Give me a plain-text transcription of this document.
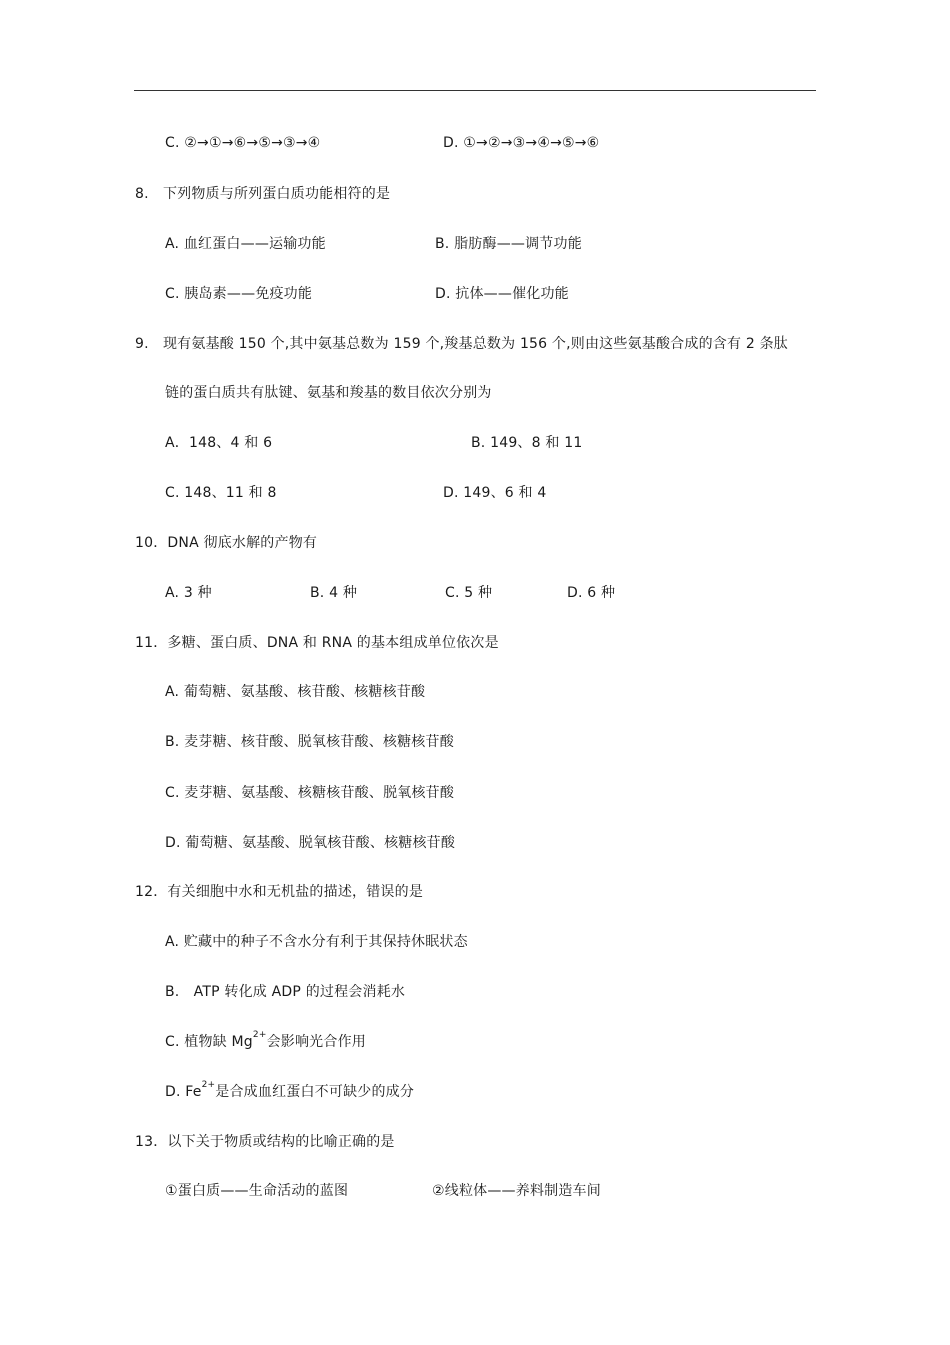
C. ②→①→⑥→⑤→③→④	D. ①→②→③→④→⑤→⑥
8.　下列物质与所列蛋白质功能相符的是
A. 血红蛋白——运输功能	B. 脂肪酶——调节功能
C. 胰岛素——免疫功能	D. 抗体——催化功能
9.　现有氨基酸 150 个,其中氨基总数为 159 个,羧基总数为 156 个,则由这些氨基酸合成的含有 2 条肽
链的蛋白质共有肽键、氨基和羧基的数目依次分别为
A．148、4 和 6	B. 149、8 和 11
C. 148、11 和 8	D. 149、6 和 4
10．DNA 彻底水解的产物有
A. 3 种	B. 4 种	C. 5 种	D. 6 种
11．多糖、蛋白质、DNA 和 RNA 的基本组成单位依次是
A. 葡萄糖、氨基酸、核苷酸、核糖核苷酸
B. 麦芽糖、核苷酸、脱氧核苷酸、核糖核苷酸
C. 麦芽糖、氨基酸、核糖核苷酸、脱氧核苷酸
D. 葡萄糖、氨基酸、脱氧核苷酸、核糖核苷酸
12．有关细胞中水和无机盐的描述，错误的是
A. 贮藏中的种子不含水分有利于其保持休眠状态
B.　ATP 转化成 ADP 的过程会消耗水
C. 植物缺 $Mg^{2+}$会影响光合作用
D. $Fe^{2+}$是合成血红蛋白不可缺少的成分
13．以下关于物质或结构的比喻正确的是
①蛋白质——生命活动的蓝图	②线粒体——养料制造车间
